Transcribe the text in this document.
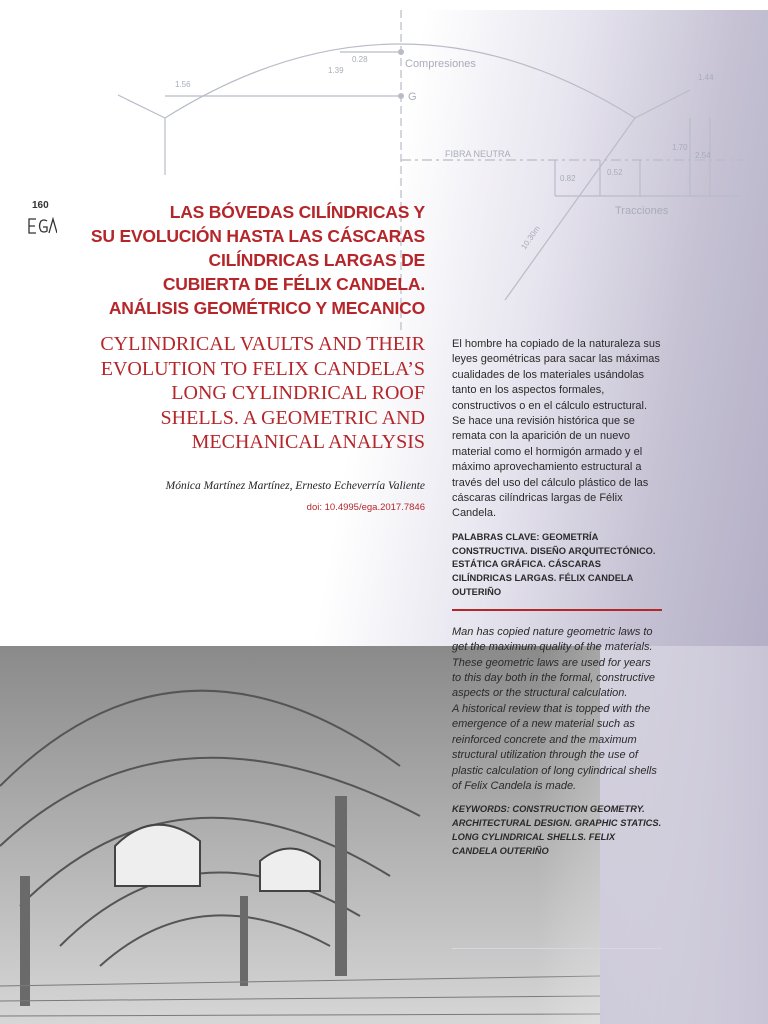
Compresiones
G
FIBRA NEUTRA
Tracciones
1.56
1.39
0.28
0.82
0.52
1.70
2.54
1.44
10.30m
160	LAS BÓVEDAS CILÍNDRICAS Y
SU EVOLUCIÓN HASTA LAS CÁSCARAS
CILÍNDRICAS LARGAS DE
CUBIERTA DE FÉLIX CANDELA.
ANÁLISIS GEOMÉTRICO Y MECANICO
CYLINDRICAL VAULTS AND THEIR
EVOLUTION TO FELIX CANDELA’S
LONG CYLINDRICAL ROOF
SHELLS. A GEOMETRIC AND
MECHANICAL ANALYSIS
Mónica Martínez Martínez, Ernesto Echeverría Valiente
doi: 10.4995/ega.2017.7846

El hombre ha copiado de la naturaleza sus leyes geométricas para sacar las máximas cualidades de los materiales usándolas tanto en los aspectos formales, constructivos o en el cálculo estructural.

Se hace una revisión histórica que se remata con la aparición de un nuevo material como el hormigón armado y el máximo aprovechamiento estructural a través del uso del cálculo plástico de las cáscaras cilíndricas largas de Félix Candela.

PALABRAS CLAVE: GEOMETRÍA CONSTRUCTIVA. DISEÑO ARQUITECTÓNICO. ESTÁTICA GRÁFICA. CÁSCARAS CILÍNDRICAS LARGAS. FÉLIX CANDELA OUTERIÑO

Man has copied nature geometric laws to get the maximum quality of the materials. These geometric laws are used for years to this day both in the formal, constructive aspects or the structural calculation.

A historical review that is topped with the emergence of a new material such as reinforced concrete and the maximum structural utilization through the use of plastic calculation of long cylindrical shells of Felix Candela is made.

KEYWORDS: CONSTRUCTION GEOMETRY. ARCHITECTURAL DESIGN. GRAPHIC STATICS. LONG CYLINDRICAL SHELLS. FELIX CANDELA OUTERIÑO
